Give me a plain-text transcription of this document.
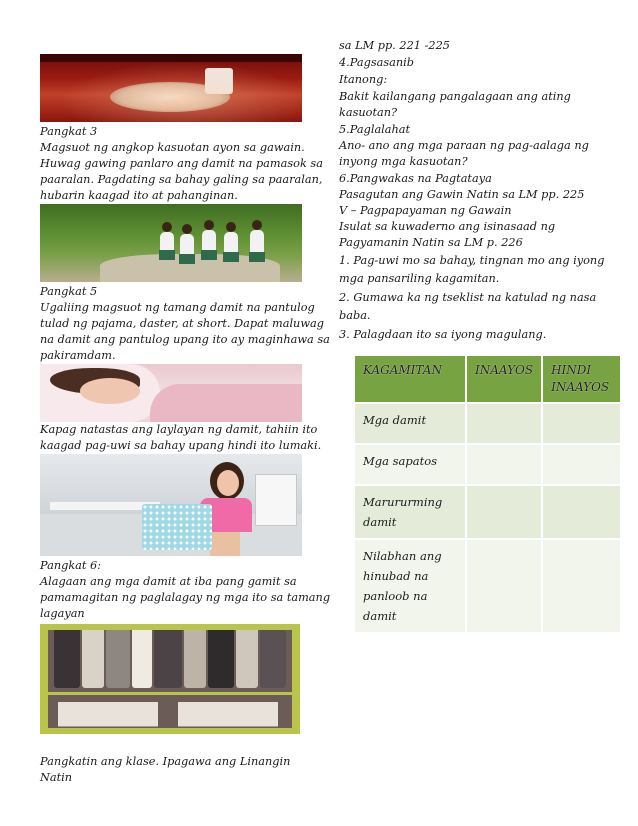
Pangkat 3
Magsuot ng angkop kasuotan ayon sa gawain.
Huwag gawing panlaro ang damit na pamasok sa
paaralan. Pagdating sa bahay galing sa paaralan,
hubarin kaagad ito at pahanginan.
Pangkat 5
Ugaliing magsuot ng tamang damit na pantulog
tulad ng pajama, daster, at short. Dapat maluwag
na damit ang pantulog upang ito ay maginhawa sa
pakiramdam.
Kapag natastas ang laylayan ng damit, tahiin ito
kaagad pag-uwi sa bahay upang hindi ito lumaki.
Pangkat 6:
Alagaan ang mga damit at iba pang gamit sa
pamamagitan ng paglalagay ng mga ito sa tamang
lagayan
Pangkatin ang klase. Ipagawa ang Linangin
Natin
sa LM pp. 221 -225
4.Pagsasanib
Itanong:
Bakit kailangang pangalagaan ang ating
kasuotan?
5.Paglalahat
Ano- ano ang mga paraan ng pag-aalaga ng
inyong mga kasuotan?
6.Pangwakas na Pagtataya
Pasagutan ang Gawin Natin sa LM pp. 225
V – Pagpapayaman ng Gawain
Isulat sa kuwaderno ang isinasaad ng
Pagyamanin Natin sa LM p. 226
1. Pag-uwi mo sa bahay, tingnan mo ang iyong
mga pansariling kagamitan.
2. Gumawa ka ng tseklist na katulad ng nasa
baba.
3. Palagdaan ito sa iyong magulang.
KAGAMITAN	INAAYOS	HINDI INAAYOS
Mga damit		
Mga sapatos		
Marururming damit		
Nilabhan ang hinubad na panloob na damit		
